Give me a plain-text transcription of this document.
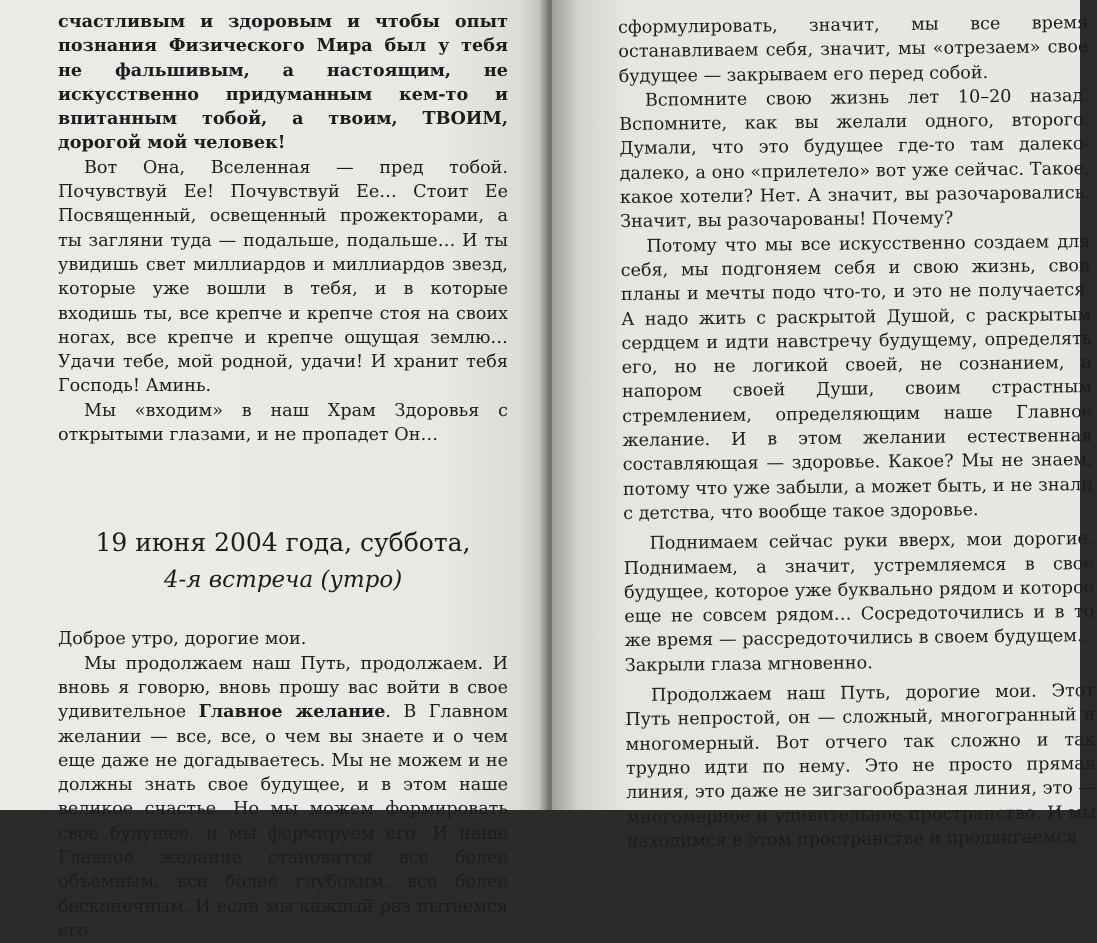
счастливым и здоровым и чтобы опыт познания Физического Мира был у тебя не фальшивым, а настоящим, не искусственно придуманным кем-то и впитанным тобой, а твоим, ТВОИМ, дорогой мой человек!

Вот Она, Вселенная — пред тобой. Почувствуй Ее! Почувствуй Ее… Стоит Ее Посвященный, освещенный прожекторами, а ты загляни туда — подальше, подальше… И ты увидишь свет миллиардов и миллиардов звезд, которые уже вошли в тебя, и в которые входишь ты, все крепче и крепче стоя на своих ногах, все крепче и крепче ощущая землю… Удачи тебе, мой родной, удачи! И хранит тебя Господь! Аминь.

Мы «входим» в наш Храм Здоровья с открытыми глазами, и не пропадет Он…

19 июня 2004 года, суббота,
4-я встреча (утро)

Доброе утро, дорогие мои.

Мы продолжаем наш Путь, продолжаем. И вновь я говорю, вновь прошу вас войти в свое удивительное Главное желание. В Главном желании — все, все, о чем вы знаете и о чем еще даже не догадываетесь. Мы не можем и не должны знать свое будущее, и в этом наше великое счастье. Но мы можем формировать свое будущее, и мы формируем его. И наше Главное желание становится все более объемным, все более глубоким, все более бесконечным. И если мы каждый раз пытаемся его

сформулировать, значит, мы все время останавливаем себя, значит, мы «отрезаем» свое будущее — закрываем его перед собой.

Вспомните свою жизнь лет 10–20 назад. Вспомните, как вы желали одного, второго. Думали, что это будущее где-то там далеко-далеко, а оно «прилетело» вот уже сейчас. Такое, какое хотели? Нет. А значит, вы разочаровались. Значит, вы разочарованы! Почему?

Потому что мы все искусственно создаем для себя, мы подгоняем себя и свою жизнь, свои планы и мечты подо что-то, и это не получается. А надо жить с раскрытой Душой, с раскрытым сердцем и идти навстречу будущему, определять его, но не логикой своей, не сознанием, а напором своей Души, своим страстным стремлением, определяющим наше Главное желание. И в этом желании естественная составляющая — здоровье. Какое? Мы не знаем, потому что уже забыли, а может быть, и не знали с детства, что вообще такое здоровье.

Поднимаем сейчас руки вверх, мои дорогие. Поднимаем, а значит, устремляемся в свое будущее, которое уже буквально рядом и которое еще не совсем рядом… Сосредоточились и в то же время — рассредоточились в своем будущем… Закрыли глаза мгновенно.

Продолжаем наш Путь, дорогие мои. Этот Путь непростой, он — сложный, многогранный и многомерный. Вот отчего так сложно и так трудно идти по нему. Это не просто прямая линия, это даже не зигзагообразная линия, это — многомерное и удивительное пространство. И мы находимся в этом пространстве и продвигаемся
